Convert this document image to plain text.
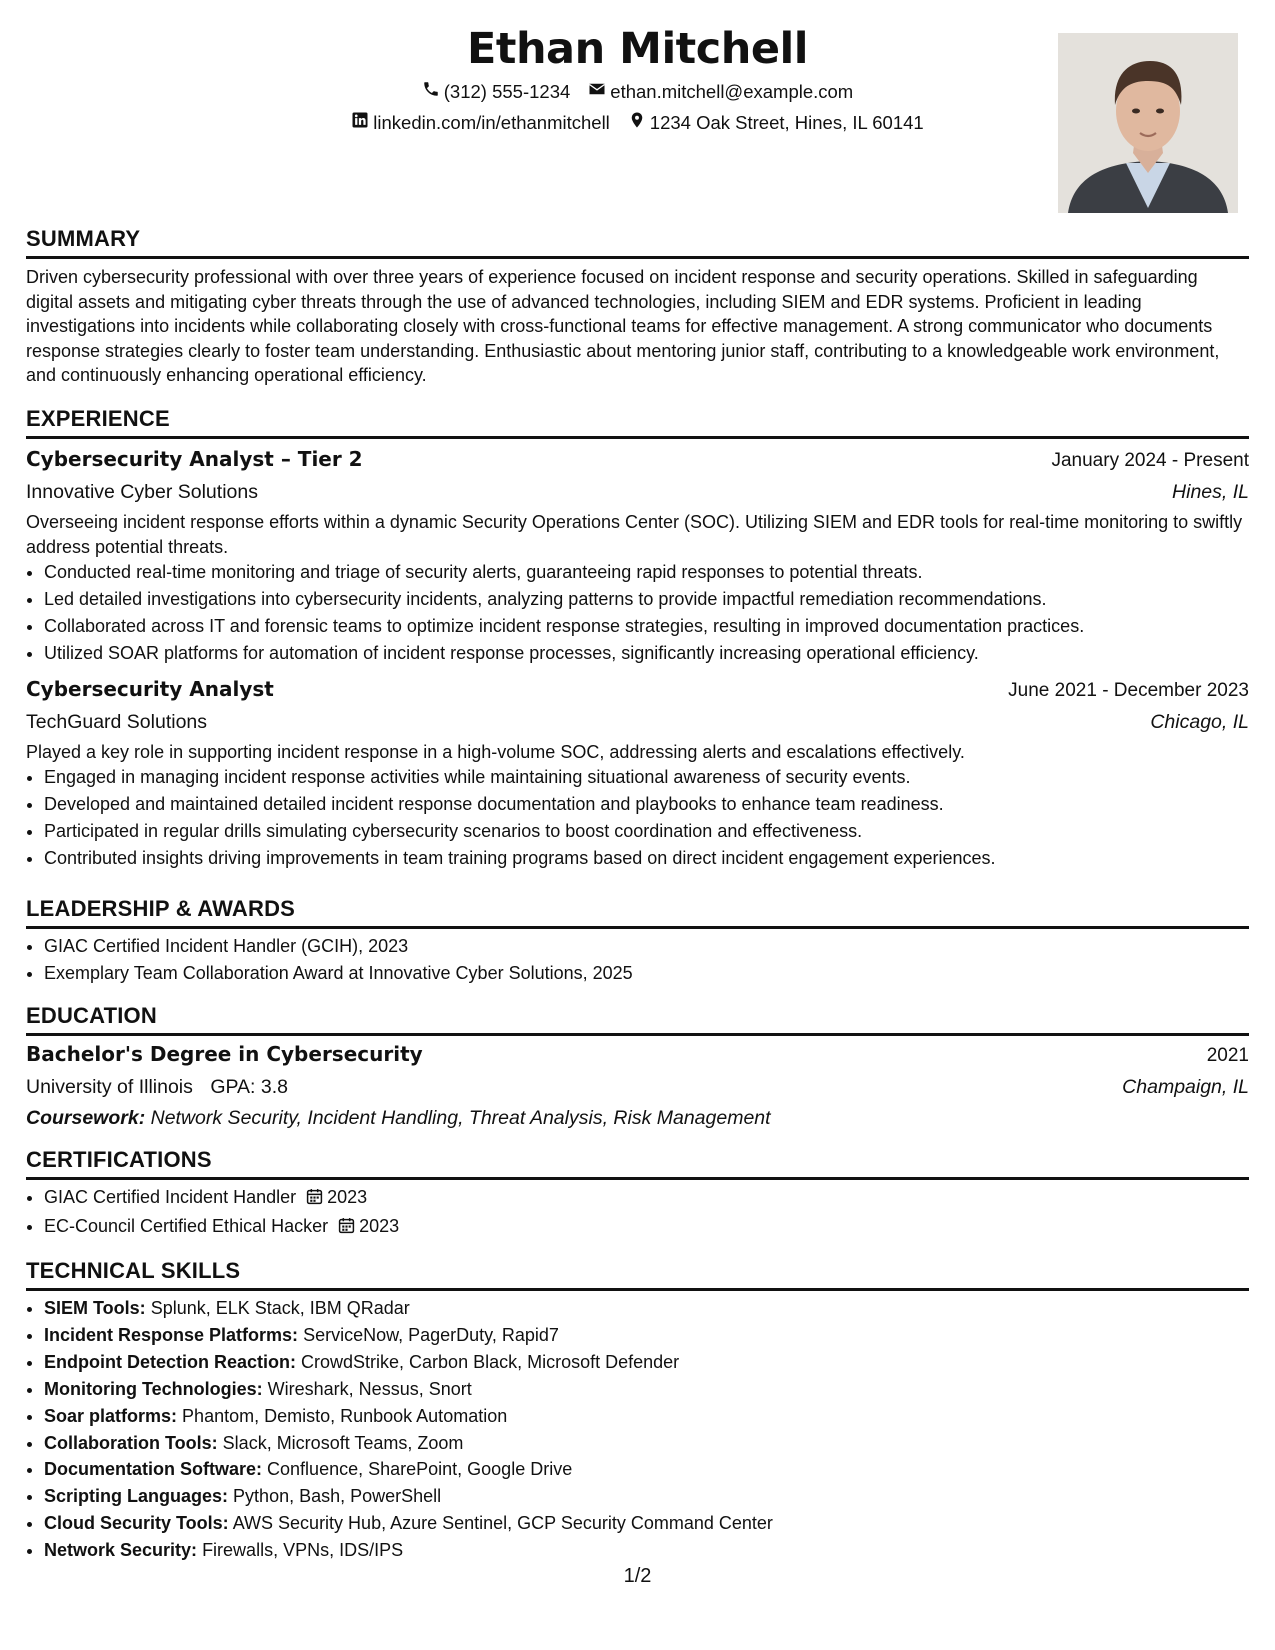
Ethan Mitchell
(312) 555-1234 ethan.mitchell@example.com
linkedin.com/in/ethanmitchell 1234 Oak Street, Hines, IL 60141
SUMMARY

Driven cybersecurity professional with over three years of experience focused on incident response and security operations. Skilled in safeguarding digital assets and mitigating cyber threats through the use of advanced technologies, including SIEM and EDR systems. Proficient in leading investigations into incidents while collaborating closely with cross-functional teams for effective management. A strong communicator who documents response strategies clearly to foster team understanding. Enthusiastic about mentoring junior staff, contributing to a knowledgeable work environment, and continuously enhancing operational efficiency.

EXPERIENCE
Cybersecurity Analyst – Tier 2	January 2024 - Present
Innovative Cyber Solutions	Hines, IL

Overseeing incident response efforts within a dynamic Security Operations Center (SOC). Utilizing SIEM and EDR tools for real-time monitoring to swiftly address potential threats.

• Conducted real-time monitoring and triage of security alerts, guaranteeing rapid responses to potential threats.
• Led detailed investigations into cybersecurity incidents, analyzing patterns to provide impactful remediation recommendations.
• Collaborated across IT and forensic teams to optimize incident response strategies, resulting in improved documentation practices.
• Utilized SOAR platforms for automation of incident response processes, significantly increasing operational efficiency.
Cybersecurity Analyst	June 2021 - December 2023
TechGuard Solutions	Chicago, IL

Played a key role in supporting incident response in a high-volume SOC, addressing alerts and escalations effectively.

• Engaged in managing incident response activities while maintaining situational awareness of security events.
• Developed and maintained detailed incident response documentation and playbooks to enhance team readiness.
• Participated in regular drills simulating cybersecurity scenarios to boost coordination and effectiveness.
• Contributed insights driving improvements in team training programs based on direct incident engagement experiences.
LEADERSHIP & AWARDS
• GIAC Certified Incident Handler (GCIH), 2023
• Exemplary Team Collaboration Award at Innovative Cyber Solutions, 2025
EDUCATION
Bachelor's Degree in Cybersecurity	2021
University of Illinois GPA: 3.8	Champaign, IL
Coursework: Network Security, Incident Handling, Threat Analysis, Risk Management
CERTIFICATIONS
• GIAC Certified Incident Handler 2023
• EC-Council Certified Ethical Hacker 2023
TECHNICAL SKILLS
• SIEM Tools: Splunk, ELK Stack, IBM QRadar
• Incident Response Platforms: ServiceNow, PagerDuty, Rapid7
• Endpoint Detection Reaction: CrowdStrike, Carbon Black, Microsoft Defender
• Monitoring Technologies: Wireshark, Nessus, Snort
• Soar platforms: Phantom, Demisto, Runbook Automation
• Collaboration Tools: Slack, Microsoft Teams, Zoom
• Documentation Software: Confluence, SharePoint, Google Drive
• Scripting Languages: Python, Bash, PowerShell
• Cloud Security Tools: AWS Security Hub, Azure Sentinel, GCP Security Command Center
• Network Security: Firewalls, VPNs, IDS/IPS
1/2
